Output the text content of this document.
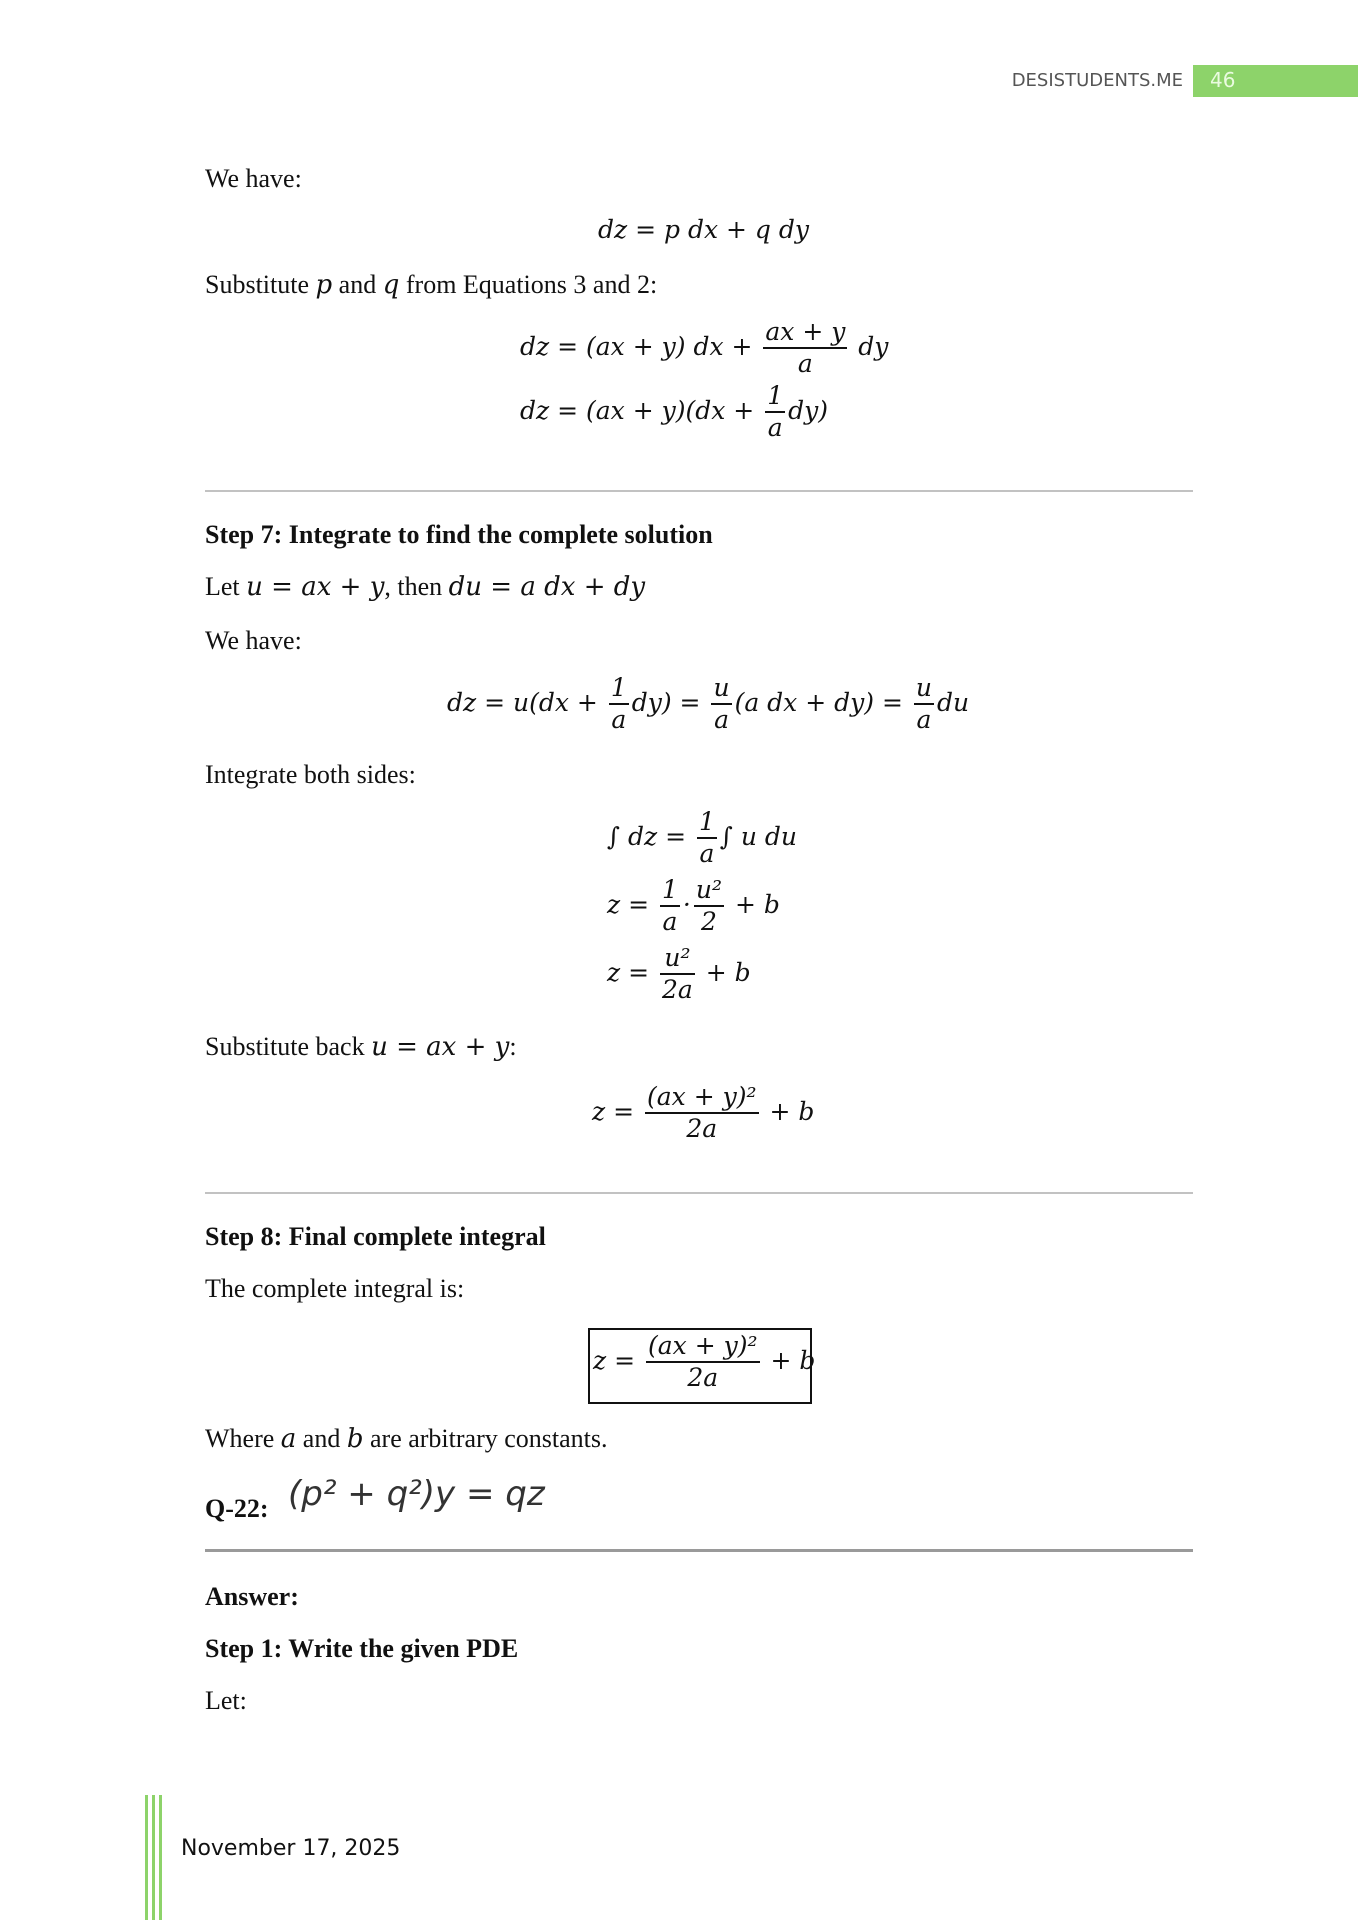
46
DESISTUDENTS.ME
We have:
dz = p dx + q dy
Substitute p and q from Equations 3 and 2:
dz = (ax + y) dx + $\frac{ax + y}{a}$ dy
dz = $(ax + y)(dx + \frac{1}{a} dy)$
Step 7: Integrate to find the complete solution
Let u = ax + y, then du = a dx + dy
We have:
dz = $u(dx + \frac{1}{a} dy) = \frac{u}{a} (a$ dx + $dy) = \frac{u}{a}$ du
Integrate both sides:
∫ dz = $\frac{1}{a}$ ∫ u du
$z = \frac{1}{a} \cdot \frac{\text{u²}}{2} + b$
$z = \frac{\text{u²}}{2a} + b$
Substitute back u = ax + y:
$z = \frac{\text{(ax + y)²}}{2a} + b$
Step 8: Final complete integral
The complete integral is:
$z = \frac{\text{(ax + y)²}}{2a} + b$
Where a and b are arbitrary constants.
Q-22: (p² + q²)y = qz
Answer:
Step 1: Write the given PDE
Let:
November 17, 2025
